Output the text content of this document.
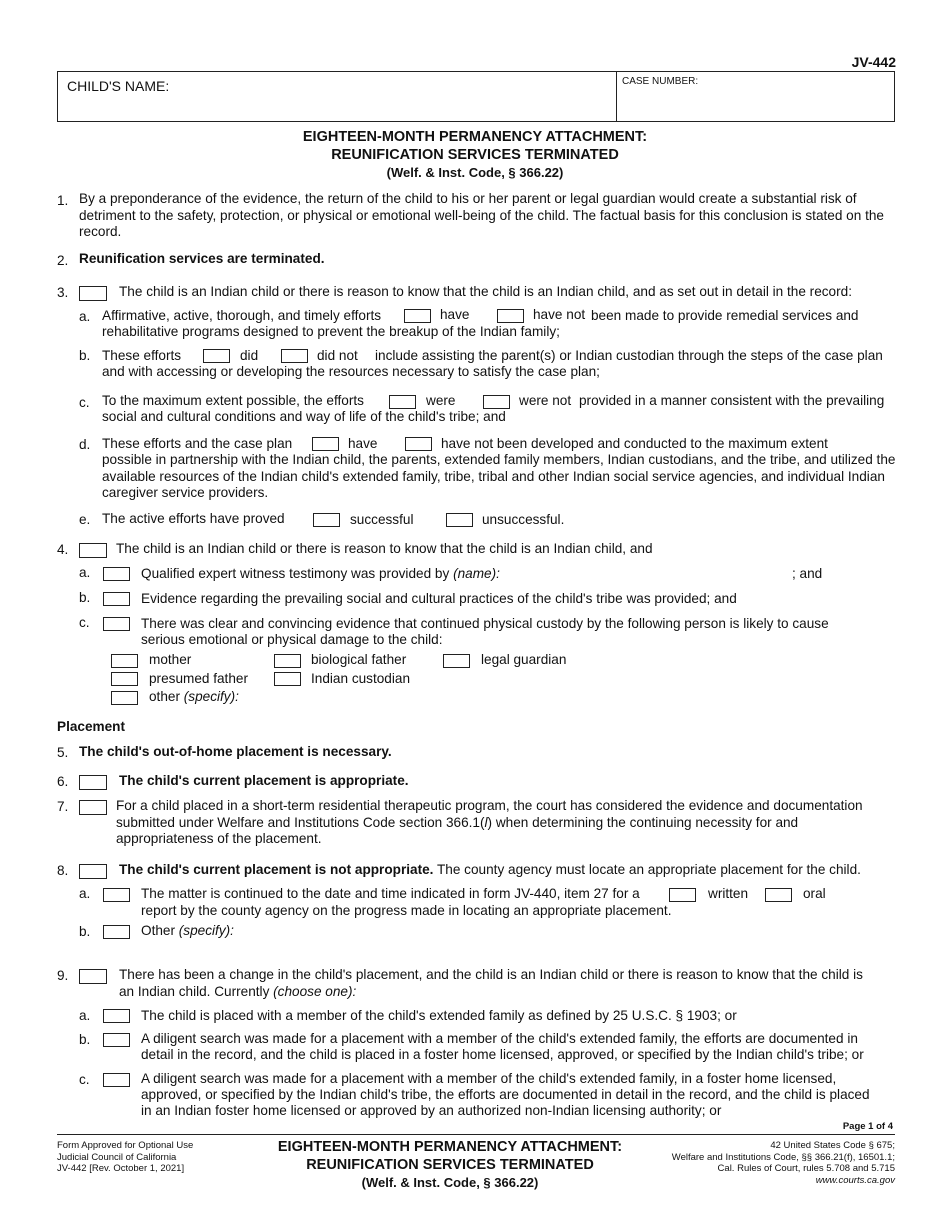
JV-442
CHILD'S NAME:	CASE NUMBER:
EIGHTEEN-MONTH PERMANENCY ATTACHMENT:
REUNIFICATION SERVICES TERMINATED
(Welf. & Inst. Code, § 366.22)
1. By a preponderance of the evidence, the return of the child to his or her parent or legal guardian would create a substantial risk of detriment to the safety, protection, or physical or emotional well-being of the child. The factual basis for this conclusion is stated on the record.
2. Reunification services are terminated.
3.	The child is an Indian child or there is reason to know that the child is an Indian child, and as set out in detail in the record:
a. Affirmative, active, thorough, and timely efforts	have	have not been made to provide remedial services and
rehabilitative programs designed to prevent the breakup of the Indian family;
b. These efforts	did	did not include assisting the parent(s) or Indian custodian through the steps of the case plan
and with accessing or developing the resources necessary to satisfy the case plan;
c. To the maximum extent possible, the efforts	were	were not provided in a manner consistent with the prevailing
social and cultural conditions and way of life of the child's tribe; and
d. These efforts and the case plan	have	have not been developed and conducted to the maximum extent
possible in partnership with the Indian child, the parents, extended family members, Indian custodians, and the tribe, and utilized the available resources of the Indian child's extended family, tribe, tribal and other Indian social service agencies, and individual Indian caregiver service providers.
e. The active efforts have proved	successful	unsuccessful.
4.	The child is an Indian child or there is reason to know that the child is an Indian child, and
a.	Qualified expert witness testimony was provided by (name):	; and
b.	Evidence regarding the prevailing social and cultural practices of the child's tribe was provided; and
c.	There was clear and convincing evidence that continued physical custody by the following person is likely to cause
serious emotional or physical damage to the child:
mother	biological father	legal guardian
presumed father	Indian custodian
other (specify):
Placement
5. The child's out-of-home placement is necessary.
6.	The child's current placement is appropriate.
7.	For a child placed in a short-term residential therapeutic program, the court has considered the evidence and documentation
submitted under Welfare and Institutions Code section 366.1(l) when determining the continuing necessity for and
appropriateness of the placement.
8.	The child's current placement is not appropriate. The county agency must locate an appropriate placement for the child.
a.	The matter is continued to the date and time indicated in form JV-440, item 27 for a	written	oral
report by the county agency on the progress made in locating an appropriate placement.
b.	Other (specify):
9.	There has been a change in the child's placement, and the child is an Indian child or there is reason to know that the child is
an Indian child. Currently (choose one):
a.	The child is placed with a member of the child's extended family as defined by 25 U.S.C. § 1903; or
b.	A diligent search was made for a placement with a member of the child's extended family, the efforts are documented in
detail in the record, and the child is placed in a foster home licensed, approved, or specified by the Indian child's tribe; or
c.	A diligent search was made for a placement with a member of the child's extended family, in a foster home licensed,
approved, or specified by the Indian child's tribe, the efforts are documented in detail in the record, and the child is placed
in an Indian foster home licensed or approved by an authorized non-Indian licensing authority; or
Page 1 of 4
Form Approved for Optional Use
Judicial Council of California
JV-442 [Rev. October 1, 2021]
EIGHTEEN-MONTH PERMANENCY ATTACHMENT:
REUNIFICATION SERVICES TERMINATED
(Welf. & Inst. Code, § 366.22)
42 United States Code § 675;
Welfare and Institutions Code, §§ 366.21(f), 16501.1;
Cal. Rules of Court, rules 5.708 and 5.715
www.courts.ca.gov
